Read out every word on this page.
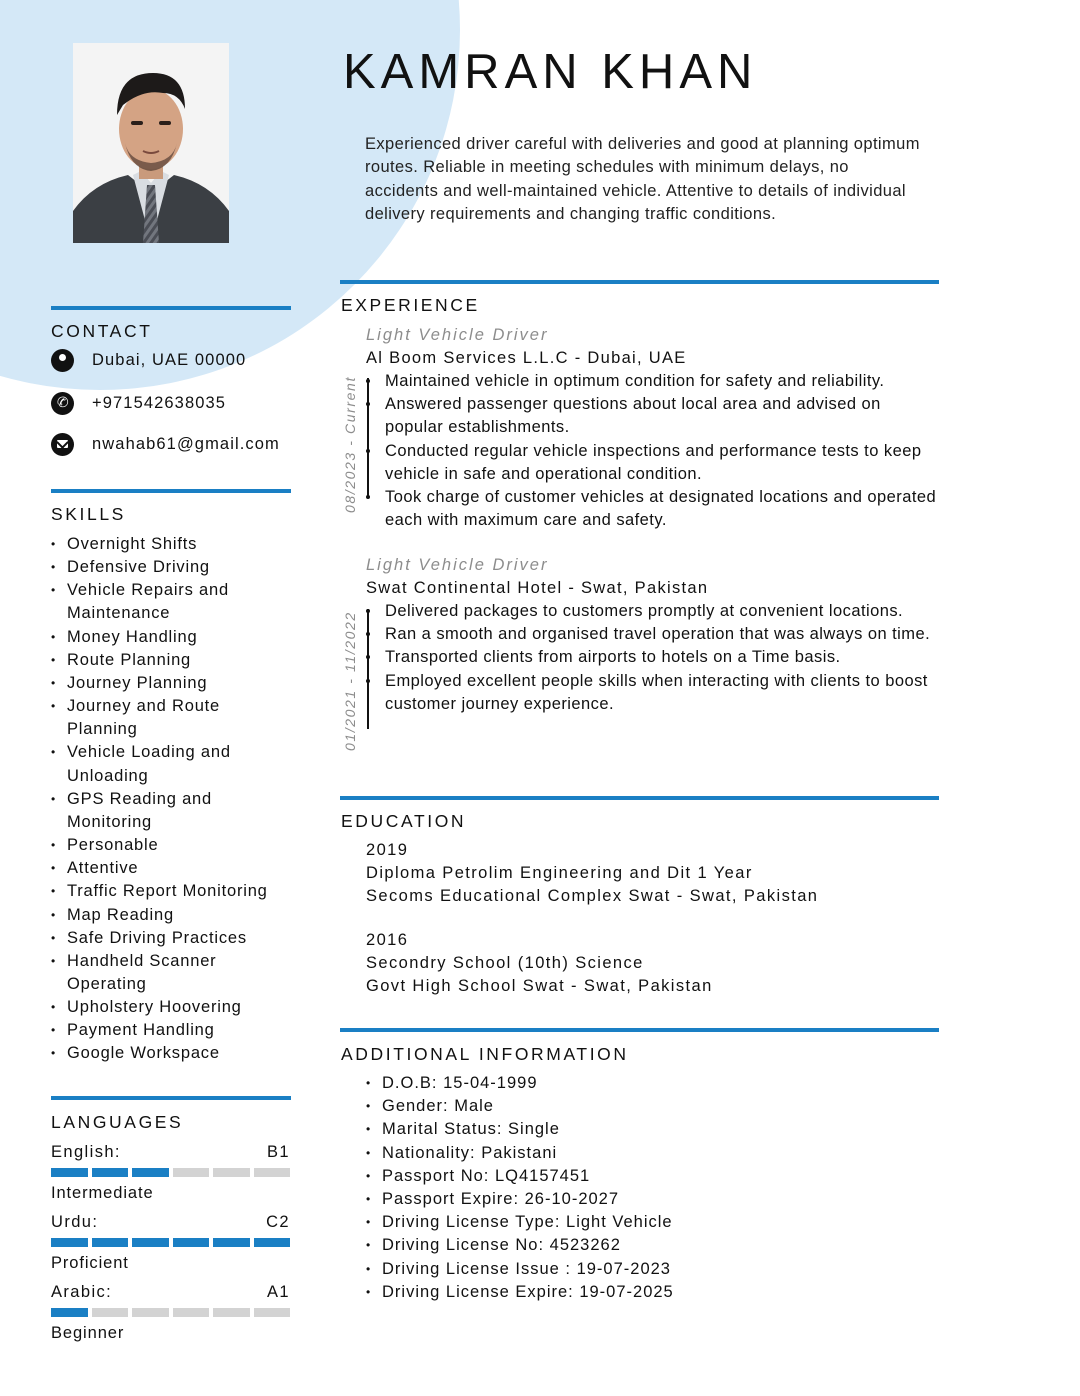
KAMRAN KHAN
Experienced driver careful with deliveries and good at planning optimum routes. Reliable in meeting schedules with minimum delays, no accidents and well-maintained vehicle. Attentive to details of individual delivery requirements and changing traffic conditions.
CONTACT
Dubai, UAE 00000
✆
+971542638035
nwahab61@gmail.com
SKILLS
• Overnight Shifts
• Defensive Driving
• Vehicle Repairs and Maintenance
• Money Handling
• Route Planning
• Journey Planning
• Journey and Route Planning
• Vehicle Loading and Unloading
• GPS Reading and Monitoring
• Personable
• Attentive
• Traffic Report Monitoring
• Map Reading
• Safe Driving Practices
• Handheld Scanner Operating
• Upholstery Hoovering
• Payment Handling
• Google Workspace
LANGUAGES
English:	B1
Intermediate
Urdu:	C2
Proficient
Arabic:	A1
Beginner
EXPERIENCE
08/2023 - Current
Light Vehicle Driver
Al Boom Services L.L.C - Dubai, UAE
Maintained vehicle in optimum condition for safety and reliability.
Answered passenger questions about local area and advised on popular establishments.
Conducted regular vehicle inspections and performance tests to keep vehicle in safe and operational condition.
Took charge of customer vehicles at designated locations and operated each with maximum care and safety.
01/2021 - 11/2022
Light Vehicle Driver
Swat Continental Hotel - Swat, Pakistan
Delivered packages to customers promptly at convenient locations.
Ran a smooth and organised travel operation that was always on time.
Transported clients from airports to hotels on a Time basis.
Employed excellent people skills when interacting with clients to boost customer journey experience.
EDUCATION
2019
Diploma Petrolim Engineering and Dit 1 Year
Secoms Educational Complex Swat - Swat, Pakistan
2016
Secondry School (10th) Science
Govt High School Swat - Swat, Pakistan
ADDITIONAL INFORMATION
• D.O.B: 15-04-1999
• Gender: Male
• Marital Status: Single
• Nationality: Pakistani
• Passport No: LQ4157451
• Passport Expire: 26-10-2027
• Driving License Type: Light Vehicle
• Driving License No: 4523262
• Driving License Issue : 19-07-2023
• Driving License Expire: 19-07-2025
